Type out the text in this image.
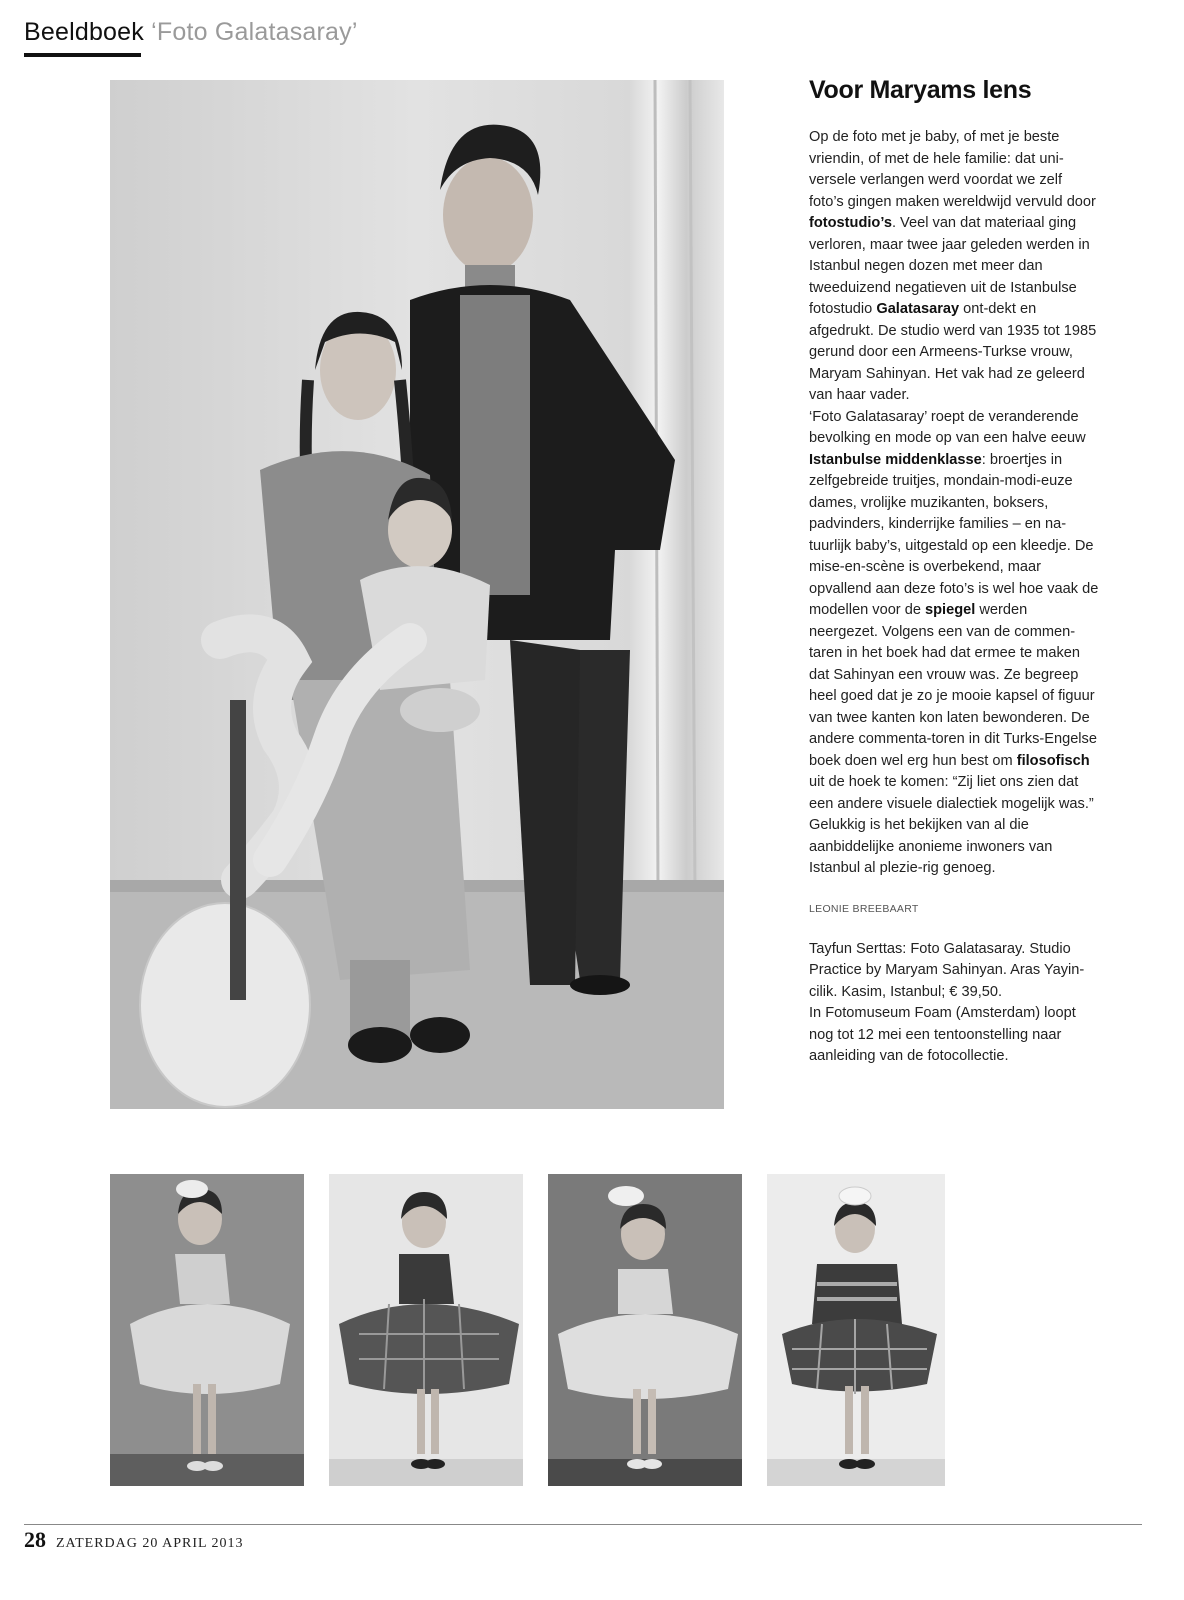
Beeldboek ‘Foto Galatasaray’
Voor Maryams lens
Op de foto met je baby, of met je beste vriendin, of met de hele familie: dat uni-versele verlangen werd voordat we zelf foto’s gingen maken wereldwijd vervuld door fotostudio’s. Veel van dat materiaal ging verloren, maar twee jaar geleden werden in Istanbul negen dozen met meer dan tweeduizend negatieven uit de Istanbulse fotostudio Galatasaray ont-dekt en afgedrukt. De studio werd van 1935 tot 1985 gerund door een Armeens-Turkse vrouw, Maryam Sahinyan. Het vak had ze geleerd van haar vader.
‘Foto Galatasaray’ roept de veranderende bevolking en mode op van een halve eeuw Istanbulse middenklasse: broertjes in zelfgebreide truitjes, mondain-modi-euze dames, vrolijke muzikanten, boksers, padvinders, kinderrijke families – en na-tuurlijk baby’s, uitgestald op een kleedje. De mise-en-scène is overbekend, maar opvallend aan deze foto’s is wel hoe vaak de modellen voor de spiegel werden neergezet. Volgens een van de commen-taren in het boek had dat ermee te maken dat Sahinyan een vrouw was. Ze begreep heel goed dat je zo je mooie kapsel of figuur van twee kanten kon laten bewonderen. De andere commenta-toren in dit Turks-Engelse boek doen wel erg hun best om filosofisch uit de hoek te komen: “Zij liet ons zien dat een andere visuele dialectiek mogelijk was.” Gelukkig is het bekijken van al die aanbiddelijke anonieme inwoners van Istanbul al plezie-rig genoeg.
LEONIE BREEBAART

Tayfun Serttas: Foto Galatasaray. Studio Practice by Maryam Sahinyan. Aras Yayin-cilik. Kasim, Istanbul; € 39,50.

In Fotomuseum Foam (Amsterdam) loopt nog tot 12 mei een tentoonstelling naar aanleiding van de fotocollectie.

28 ZATERDAG 20 APRIL 2013
